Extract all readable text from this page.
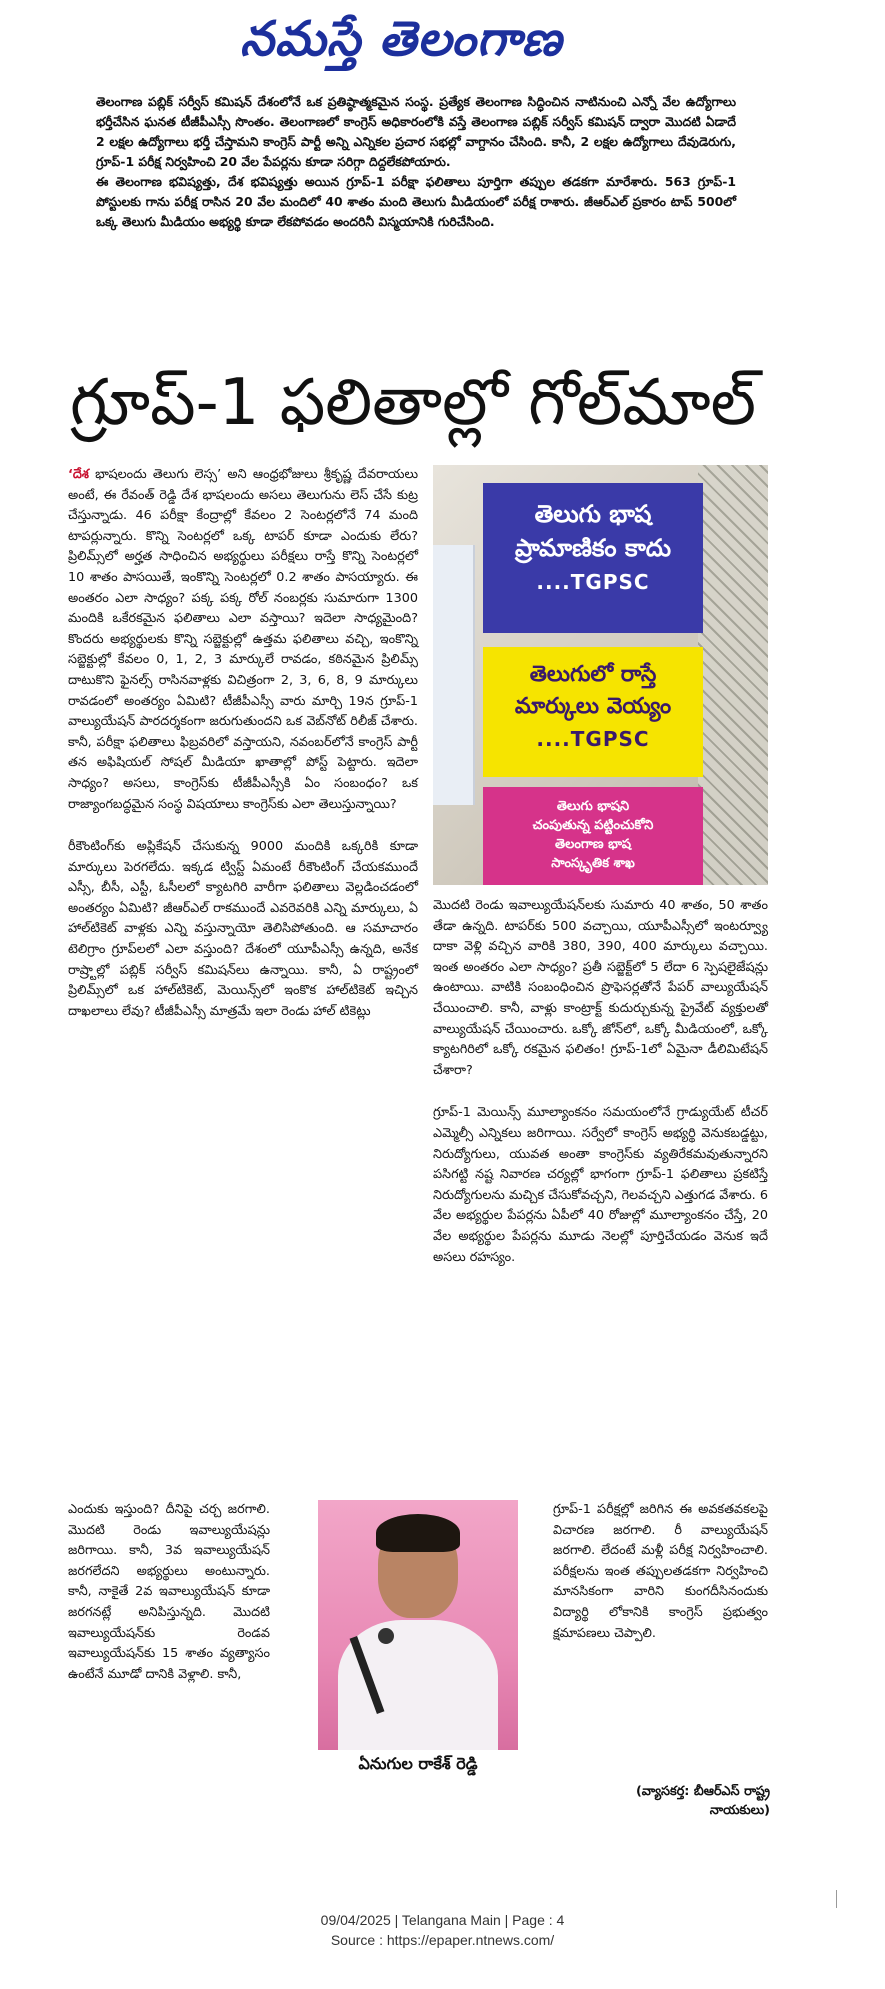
నమస్తే తెలంగాణ

తెలంగాణ పబ్లిక్ సర్వీస్ కమిషన్ దేశంలోనే ఒక ప్రతిష్ఠాత్మకమైన సంస్థ. ప్రత్యేక తెలంగాణ సిద్ధించిన నాటినుంచి ఎన్నో వేల ఉద్యోగాలు భర్తీచేసిన ఘనత టీజీపీఎస్సీ సొంతం. తెలంగాణలో కాంగ్రెస్ అధికారంలోకి వస్తే తెలంగాణ పబ్లిక్ సర్వీస్ కమిషన్ ద్వారా మొదటి ఏడాదే 2 లక్షల ఉద్యోగాలు భర్తీ చేస్తామని కాంగ్రెస్ పార్టీ అన్ని ఎన్నికల ప్రచార సభల్లో వాగ్దానం చేసింది. కానీ, 2 లక్షల ఉద్యోగాలు దేవుడెరుగు, గ్రూప్-1 పరీక్ష నిర్వహించి 20 వేల పేపర్లను కూడా సరిగ్గా దిద్దలేకపోయారు.

ఈ తెలంగాణ భవిష్యత్తు, దేశ భవిష్యత్తు అయిన గ్రూప్-1 పరీక్షా ఫలితాలు పూర్తిగా తప్పుల తడకగా మారేశారు. 563 గ్రూప్-1 పోస్టులకు గాను పరీక్ష రాసిన 20 వేల మందిలో 40 శాతం మంది తెలుగు మీడియంలో పరీక్ష రాశారు. జీఆర్ఎల్ ప్రకారం టాప్ 500లో ఒక్క తెలుగు మీడియం అభ్యర్థి కూడా లేకపోవడం అందరినీ విస్మయానికి గురిచేసింది.

గ్రూప్-1 ఫలితాల్లో గోల్‌మాల్

‘దేశ భాషలందు తెలుగు లెస్స’ అని ఆంధ్రభోజులు శ్రీకృష్ణ దేవరాయలు అంటే, ఈ రేవంత్ రెడ్డి దేశ భాషలందు అసలు తెలుగును లెస్ చేసే కుట్ర చేస్తున్నాడు. 46 పరీక్షా కేంద్రాల్లో కేవలం 2 సెంటర్లలోనే 74 మంది టాపర్లున్నారు. కొన్ని సెంటర్లలో ఒక్క టాపర్ కూడా ఎందుకు లేరు? ప్రిలిమ్స్‌లో అర్హత సాధించిన అభ్యర్థులు పరీక్షలు రాస్తే కొన్ని సెంటర్లలో 10 శాతం పాసయితే, ఇంకొన్ని సెంటర్లలో 0.2 శాతం పాసయ్యారు. ఈ అంతరం ఎలా సాధ్యం? పక్క పక్క రోల్ నంబర్లకు సుమారుగా 1300 మందికి ఒకేరకమైన ఫలితాలు ఎలా వస్తాయి? ఇదెలా సాధ్యమైంది? కొందరు అభ్యర్థులకు కొన్ని సబ్జెక్టుల్లో ఉత్తమ ఫలితాలు వచ్చి, ఇంకొన్ని సబ్జెక్టుల్లో కేవలం 0, 1, 2, 3 మార్కులే రావడం, కఠినమైన ప్రిలిమ్స్ దాటుకొని ఫైనల్స్ రాసినవాళ్లకు విచిత్రంగా 2, 3, 6, 8, 9 మార్కులు రావడంలో అంతర్యం ఏమిటి? టీజీపీఎస్సీ వారు మార్చి 19న గ్రూప్-1 వాల్యుయేషన్ పారదర్శకంగా జరుగుతుందని ఒక వెబ్‌నోట్ రిలీజ్ చేశారు. కానీ, పరీక్షా ఫలితాలు ఫిబ్రవరిలో వస్తాయని, నవంబర్‌లోనే కాంగ్రెస్ పార్టీ తన అఫిషియల్ సోషల్ మీడియా ఖాతాల్లో పోస్ట్ పెట్టారు. ఇదెలా సాధ్యం? అసలు, కాంగ్రెస్‌కు టీజీపీఎస్సీకి ఏం సంబంధం? ఒక రాజ్యాంగబద్ధమైన సంస్థ విషయాలు కాంగ్రెస్‌కు ఎలా తెలుస్తున్నాయి?

రీకౌంటింగ్‌కు అప్లికేషన్ చేసుకున్న 9000 మందికి ఒక్కరికి కూడా మార్కులు పెరగలేదు. ఇక్కడ ట్విస్ట్ ఏమంటే రీకౌంటింగ్ చేయకముందే ఎస్సీ, బీసీ, ఎస్టీ, ఓసీలలో క్యాటగిరి వారీగా ఫలితాలు వెల్లడించడంలో అంతర్యం ఏమిటి? జీఆర్ఎల్ రాకముందే ఎవరెవరికి ఎన్ని మార్కులు, ఏ హాల్‌టికెట్ వాళ్లకు ఎన్ని వస్తున్నాయో తెలిసిపోతుంది. ఆ సమాచారం టెలిగ్రాం గ్రూప్‌లలో ఎలా వస్తుంది? దేశంలో యూపీఎస్సీ ఉన్నది, అనేక రాష్ర్టాల్లో పబ్లిక్ సర్వీస్ కమిషన్‌లు ఉన్నాయి. కానీ, ఏ రాష్ట్రంలో ప్రిలిమ్స్‌లో ఒక హాల్‌టికెట్, మెయిన్స్‌లో ఇంకొక హాల్‌టికెట్ ఇచ్చిన దాఖలాలు లేవు? టీజీపీఎస్సీ మాత్రమే ఇలా రెండు హాల్ టికెట్లు

తెలుగు భాష
ప్రామాణికం కాదు
....TGPSC
తెలుగులో రాస్తే
మార్కులు వెయ్యం
....TGPSC
తెలుగు భాషని
చంపుతున్న పట్టించుకోని
తెలంగాణ భాష
సాంస్కృతిక శాఖ

మొదటి రెండు ఇవాల్యుయేషన్‌లకు సుమారు 40 శాతం, 50 శాతం తేడా ఉన్నది. టాపర్‌కు 500 వచ్చాయి, యూపీఎస్సీలో ఇంటర్వ్యూ దాకా వెళ్లి వచ్చిన వారికి 380, 390, 400 మార్కులు వచ్చాయి. ఇంత అంతరం ఎలా సాధ్యం? ప్రతీ సబ్జెక్ట్‌లో 5 లేదా 6 స్పెషలైజేషన్లు ఉంటాయి. వాటికి సంబంధించిన ప్రొఫెసర్లతోనే పేపర్ వాల్యుయేషన్ చేయించాలి. కానీ, వాళ్లు కాంట్రాక్ట్ కుదుర్చుకున్న ప్రైవేట్ వ్యక్తులతో వాల్యుయేషన్ చేయించారు. ఒక్కో జోన్‌లో, ఒక్కో మీడియంలో, ఒక్కో క్యాటగిరిలో ఒక్కో రకమైన ఫలితం! గ్రూప్-1లో ఏమైనా డీలిమిటేషన్ చేశారా?

గ్రూప్-1 మెయిన్స్ మూల్యాంకనం సమయంలోనే గ్రాడ్యుయేట్ టీచర్ ఎమ్మెల్సీ ఎన్నికలు జరిగాయి. సర్వేలో కాంగ్రెస్ అభ్యర్థి వెనుకబడ్డట్టు, నిరుద్యోగులు, యువత అంతా కాంగ్రెస్‌కు వ్యతిరేకమవుతున్నారని పసిగట్టి నష్ట నివారణ చర్యల్లో భాగంగా గ్రూప్-1 ఫలితాలు ప్రకటిస్తే నిరుద్యోగులను మచ్చిక చేసుకోవచ్చని, గెలవచ్చని ఎత్తుగడ వేశారు. 6 వేల అభ్యర్థుల పేపర్లను ఏపీలో 40 రోజుల్లో మూల్యాంకనం చేస్తే, 20 వేల అభ్యర్థుల పేపర్లను మూడు నెలల్లో పూర్తిచేయడం వెనుక ఇదే అసలు రహస్యం.

ఎందుకు ఇస్తుంది? దీనిపై చర్చ జరగాలి. మొదటి రెండు ఇవాల్యుయేషన్లు జరిగాయి. కానీ, 3వ ఇవాల్యుయేషన్ జరగలేదని అభ్యర్థులు అంటున్నారు. కానీ, నాకైతే 2వ ఇవాల్యుయేషన్ కూడా జరగనట్లే అనిపిస్తున్నది. మొదటి ఇవాల్యుయేషన్‌కు రెండవ ఇవాల్యుయేషన్‌కు 15 శాతం వ్యత్యాసం ఉంటేనే మూడో దానికి వెళ్లాలి. కానీ,

ఏనుగుల రాకేశ్ రెడ్డి

గ్రూప్-1 పరీక్షల్లో జరిగిన ఈ అవకతవకలపై విచారణ జరగాలి. రీ వాల్యుయేషన్ జరగాలి. లేదంటే మళ్లీ పరీక్ష నిర్వహించాలి. పరీక్షలను ఇంత తప్పులతడకగా నిర్వహించి మానసికంగా వారిని కుంగదీసినందుకు విద్యార్థి లోకానికి కాంగ్రెస్ ప్రభుత్వం క్షమాపణలు చెప్పాలి.

(వ్యాసకర్త: బీఆర్‌ఎస్ రాష్ట్ర
నాయకులు)
09/04/2025 | Telangana Main | Page : 4
Source : https://epaper.ntnews.com/
